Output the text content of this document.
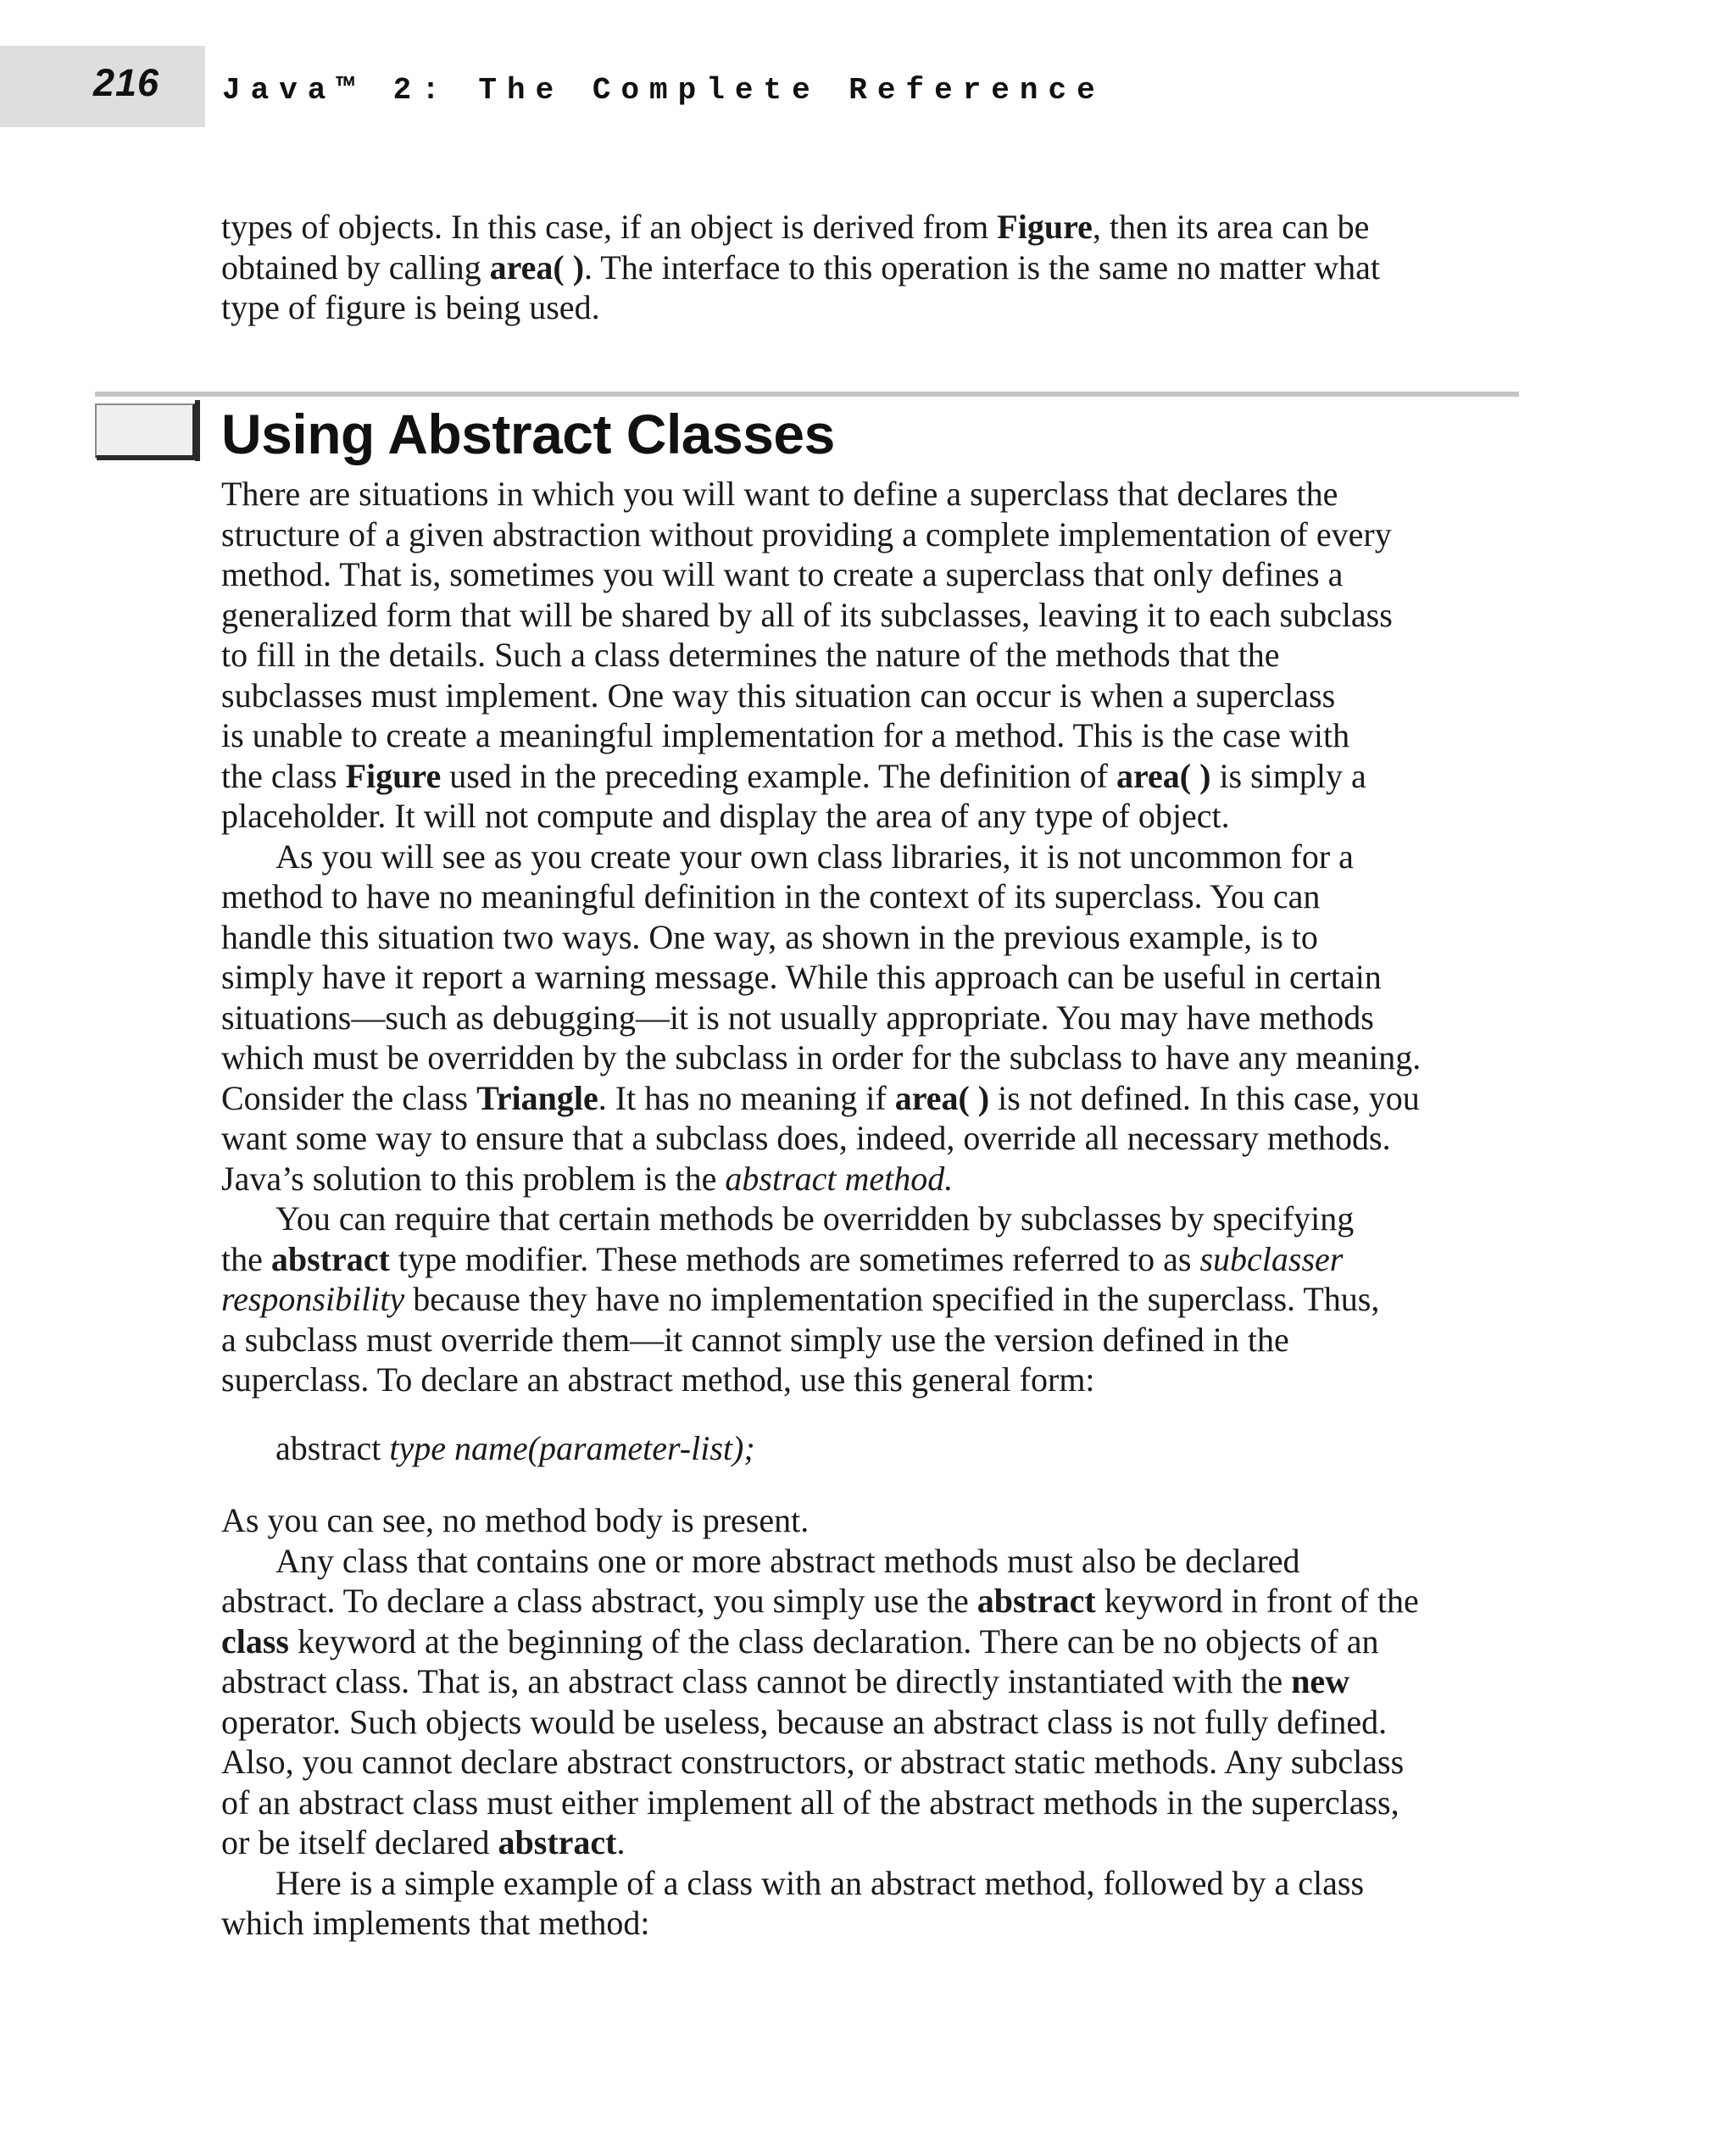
216 Java™ 2: The Complete Reference

types of objects. In this case, if an object is derived from Figure, then its area can be

obtained by calling area( ). The interface to this operation is the same no matter what

type of figure is being used.

Using Abstract Classes

There are situations in which you will want to define a superclass that declares the

structure of a given abstraction without providing a complete implementation of every

method. That is, sometimes you will want to create a superclass that only defines a

generalized form that will be shared by all of its subclasses, leaving it to each subclass

to fill in the details. Such a class determines the nature of the methods that the

subclasses must implement. One way this situation can occur is when a superclass

is unable to create a meaningful implementation for a method. This is the case with

the class Figure used in the preceding example. The definition of area( ) is simply a

placeholder. It will not compute and display the area of any type of object.

As you will see as you create your own class libraries, it is not uncommon for a

method to have no meaningful definition in the context of its superclass. You can

handle this situation two ways. One way, as shown in the previous example, is to

simply have it report a warning message. While this approach can be useful in certain

situations—such as debugging—it is not usually appropriate. You may have methods

which must be overridden by the subclass in order for the subclass to have any meaning.

Consider the class Triangle. It has no meaning if area( ) is not defined. In this case, you

want some way to ensure that a subclass does, indeed, override all necessary methods.

Java’s solution to this problem is the abstract method.

You can require that certain methods be overridden by subclasses by specifying

the abstract type modifier. These methods are sometimes referred to as subclasser

responsibility because they have no implementation specified in the superclass. Thus,

a subclass must override them—it cannot simply use the version defined in the

superclass. To declare an abstract method, use this general form:

abstract type name(parameter-list);

As you can see, no method body is present.

Any class that contains one or more abstract methods must also be declared

abstract. To declare a class abstract, you simply use the abstract keyword in front of the

class keyword at the beginning of the class declaration. There can be no objects of an

abstract class. That is, an abstract class cannot be directly instantiated with the new

operator. Such objects would be useless, because an abstract class is not fully defined.

Also, you cannot declare abstract constructors, or abstract static methods. Any subclass

of an abstract class must either implement all of the abstract methods in the superclass,

or be itself declared abstract.

Here is a simple example of a class with an abstract method, followed by a class

which implements that method:
